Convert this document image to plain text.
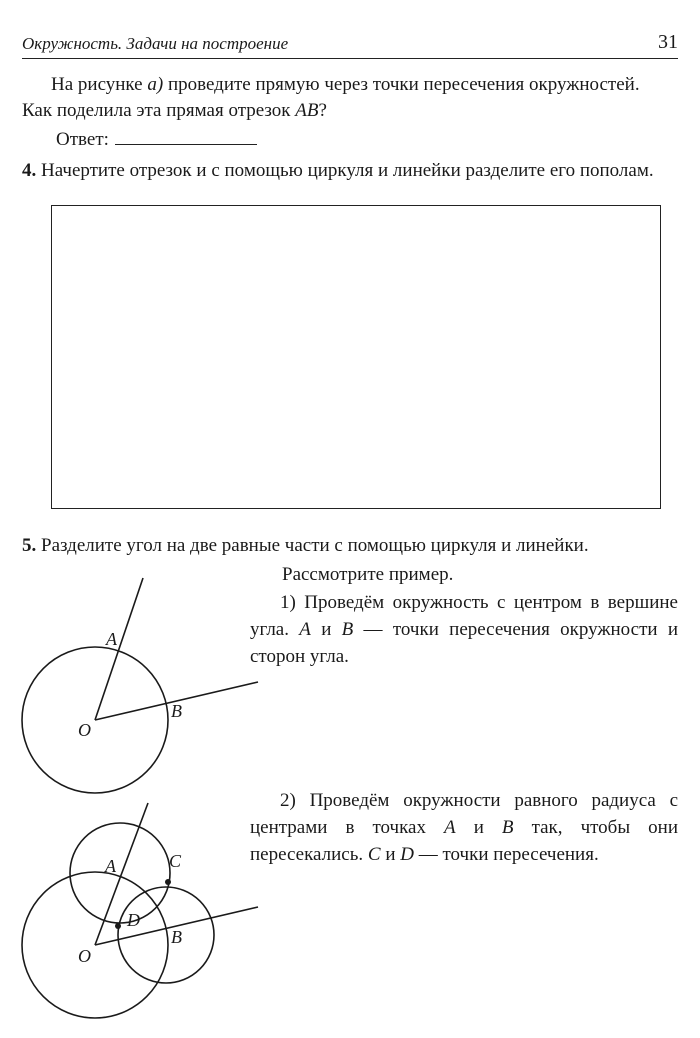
Окружность. Задачи на построение	31
На рисунке а) проведите прямую через точки пересечения окружностей.
Как поделила эта прямая отрезок AB?
Ответ:
4. Начертите отрезок и с помощью циркуля и линейки разделите его пополам.
5. Разделите угол на две равные части с помощью циркуля и линейки.
Рассмотрите пример.
1) Проведём окружность с центром в вершине угла. A и B — точки пересечения окружности и сторон угла.
2) Проведём окружности равного радиуса с центрами в точках A и B так, чтобы они пересекались. C и D — точки пересечения.
A
B
O
A	C
D
B
O
